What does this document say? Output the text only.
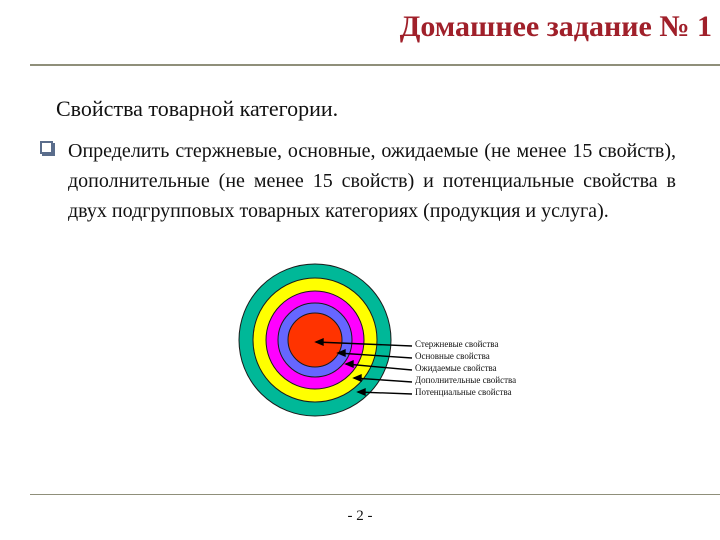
Домашнее задание № 1
Свойства товарной категории.
Определить стержневые, основные, ожидаемые (не менее 15 свойств), дополнительные (не менее 15 свойств) и потенциальные свойства в двух подгрупповых товарных категориях (продукция и услуга).
Стержневые свойства
Основные свойства
Ожидаемые свойства
Дополнительные свойства
Потенциальные свойства
- 2 -
